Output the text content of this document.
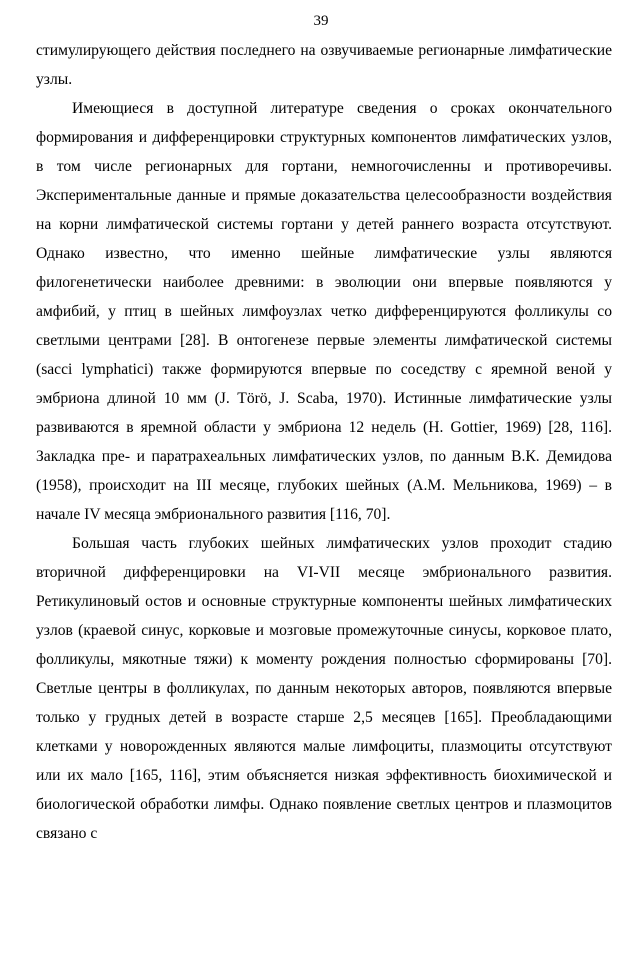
39

стимулирующего действия последнего на озвучиваемые регионарные лимфатические узлы.

Имеющиеся в доступной литературе сведения о сроках окончательного формирования и дифференцировки структурных компонентов лимфатических узлов, в том числе регионарных для гортани, немногочисленны и противоречивы. Экспериментальные данные и прямые доказательства целесообразности воздействия на корни лимфатической системы гортани у детей раннего возраста отсутствуют. Однако известно, что именно шейные лимфатические узлы являются филогенетически наиболее древними: в эволюции они впервые появляются у амфибий, у птиц в шейных лимфоузлах четко дифференцируются фолликулы со светлыми центрами [28]. В онтогенезе первые элементы лимфатической системы (sacci lymphatici) также формируются впервые по соседству с яремной веной у эмбриона длиной 10 мм (J. Törö, J. Scaba, 1970). Истинные лимфатические узлы развиваются в яремной области у эмбриона 12 недель (H. Gottier, 1969) [28, 116]. Закладка пре- и паратрахеальных лимфатических узлов, по данным В.К. Демидова (1958), происходит на III месяце, глубоких шейных (А.М. Мельникова, 1969) – в начале IV месяца эмбрионального развития [116, 70].

Большая часть глубоких шейных лимфатических узлов проходит стадию вторичной дифференцировки на VI-VII месяце эмбрионального развития. Ретикулиновый остов и основные структурные компоненты шейных лимфатических узлов (краевой синус, корковые и мозговые промежуточные синусы, корковое плато, фолликулы, мякотные тяжи) к моменту рождения полностью сформированы [70]. Светлые центры в фолликулах, по данным некоторых авторов, появляются впервые только у грудных детей в возрасте старше 2,5 месяцев [165]. Преобладающими клетками у новорожденных являются малые лимфоциты, плазмоциты отсутствуют или их мало [165, 116], этим объясняется низкая эффективность биохимической и биологической обработки лимфы. Однако появление светлых центров и плазмоцитов связано с
